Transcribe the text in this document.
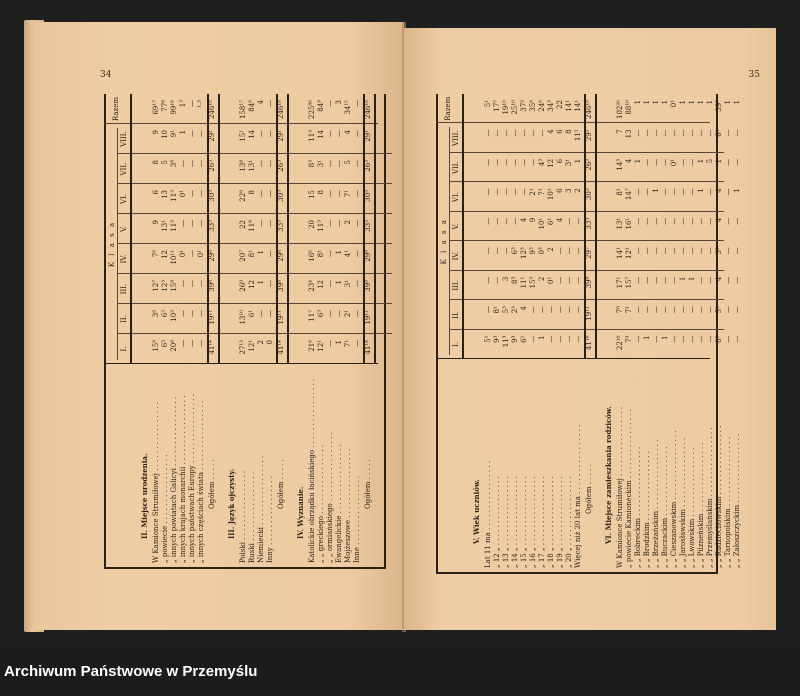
34
K l a s a
I.
II.
III.
IV.
V.
VI.
VII.
VIII.
Razem
II. Miejsce urodzenia. W Kamionce Strumiłowej . . . . . . . . . . . . . . . .
15⁸
3⁸
12⁷
7⁸
9
6
8
9
69¹⁷
„ powiecie . . . . . . . . . . . . . . . .
6³
6³
12³
12
13¹
13
5
10
77⁸
„ innych powiatach Galicyi . . . . . . . . . . . . . . . .
20⁸
10³
15⁸
10¹¹
11³
11³
3⁸
9¹
99¹⁸
„ innych krajach monarchii . . . . . . . . . . . . . . . .
—
—
—
0¹
—
0¹
—
1
1³
„ innych państwach Europy . . . . . . . . . . . . . . . .
—
—
—
—
—
—
—
—
—
„ innych częściach świata . . . . . . . . . . . . . . . .
—
—
—
0¹
—
—
—
—
¹·³
Ogółem . . . . .
41¹⁴
19¹¹
39⁸
29⁸
33³
30³
26³
29¹
246¹⁸
III. Język ojczysty. Polski . . . . . . . . . . . . . . . .
27¹³
13¹⁰
26⁸
20⁷
22
22⁸
13⁸
15¹
158¹⁷
Ruski . . . . . . . . . . . . . . . .
12¹
6¹
12
8¹
11⁸
8
13¹
14
84⁶
Niemiecki . . . . . . . . . . . . . . . .
2
—
1
1
—
—
—
—
4
Inny . . . . . . . . . . . . . . . .
0
—
—
—
—
—
—
—
—
Ogółem . . . . .
41¹⁴
19¹¹
39⁸
29⁸
33³
30³
26³
29¹
246¹⁸
IV. Wyznanie. Katolickie obrządku łacińskiego . . . . . . . . . . . . . . . .
21⁶
11⁷
23⁴
16⁶
20
15
8³
11³
225⁸⁶
„ „ greckiego . . . . . . . . . . . . . . . .
12¹
6³
12
8¹
11³
8
3¹
14
84⁹
„ „ ormiańskiego . . . . . . . . . . . . . . . .
—
—
—
—
—
—
—
—
—
Ewangelickie . . . . . . . . . . . . . . . .
1
—
1
1
—
—
—
—
3
Mojżeszowe . . . . . . . . . . . . . . . .
7¹
2¹
3¹
4¹
2
7¹
5
4
34¹⁵
Inne . . . . . . . . . . . . . . . .
—
—
—
—
—
—
—
—
—
Ogółem . . . . .
41¹⁴
19¹¹
39⁸
29⁸
33³
30³
26³
29¹
246¹⁸
35
K l a s a
I.
II.
III.
IV.
V.
VI.
VII.
VIII.
Razem
V. Wiek uczniów. Lat 11 ma . . . . . . . . . . . . . . . .
5¹
—
—
—
—
—
—
—
5¹
„ 12 „ . . . . . . . . . . . . . . . .
9³
8¹
—
—
—
—
—
—
17⁷
„ 13 „ . . . . . . . . . . . . . . . .
11³
5³
3
—
—
—
—
—
19¹⁰
„ 14 „ . . . . . . . . . . . . . . . .
9³
2³
8³
6³
—
—
—
—
25¹⁰
„ 15 „ . . . . . . . . . . . . . . . .
6¹
4
11¹
12³
4
—
—
—
37³
„ 16 „ . . . . . . . . . . . . . . . .
—
—
15³
9³
9
2¹
—
—
35⁸
„ 17 „ . . . . . . . . . . . . . . . .
1
—
2
0³
10¹
7¹
4³
—
24⁶
„ 18 „ . . . . . . . . . . . . . . . .
—
—
0¹
2
6¹
10¹
12
4
34³
„ 19 „ . . . . . . . . . . . . . . . .
—
—
—
—
4
6
6
6
22
„ 20 „ . . . . . . . . . . . . . . . .
—
—
—
—
—
3
3¹
8
14¹
Więcej niż 20 lat ma . . . . . . . . . . . . . . . .
—
—
—
—
—
2
1
11¹
14¹
Ogółem . . . . .
41¹⁶
19¹¹
39⁸
29⁷
33³
30³
26³
29¹
246¹⁸
VI. Miejsce zamieszkania rodziców. W Kamionce Strumiłowej . . . . . . . . . . . . . . . .
22¹⁰
7⁸
17¹
14¹
13¹
8¹
14³
7
102²⁰
„ powiecie Kamioneckim . . . . . . . . . . . . . . . .
7³
7¹
15⁷
12¹
16¹
14⁷
4
13
88¹⁰
„ „ Bobreckim . . . . . . . . . . . . . . . .
—
—
—
—
—
—
1
—
1
„ „ Brodzkim . . . . . . . . . . . . . . . .
1
—
—
—
—
—
—
—
1
„ „ Brzeżańskim . . . . . . . . . . . . . . . .
—
—
—
—
—
1
—
—
1
„ „ Buczackim . . . . . . . . . . . . . . . .
1
—
—
—
—
—
—
—
1
„ „ Cieszanowskim . . . . . . . . . . . . . . . .
—
—
—
—
—
—
0¹
—
0¹
„ „ Jarosławskim . . . . . . . . . . . . . . . .
—
—
1
—
—
—
—
—
1
„ „ Lwowskim . . . . . . . . . . . . . . . .
—
—
1
—
—
—
—
—
1
„ „ Pilzneńskim . . . . . . . . . . . . . . . .
—
—
—
—
—
1
1
—
1
„ „ Przemyślańskim . . . . . . . . . . . . . . . .
—
—
—
—
—
—
5
—
1
„ „ Radziechowskim . . . . . . . . . . . . . . . .
8³
5¹
4
3³
4
4
1
6¹
39⁷
„ „ Tarnopolskim . . . . . . . . . . . . . . . .
—
—
—
—
—
—
—
—
1
„ „ Załoszczyckim . . . . . . . . . . . . . . . .
—
—
—
—
—
1
—
—
1
Archiwum Państwowe w Przemyślu
